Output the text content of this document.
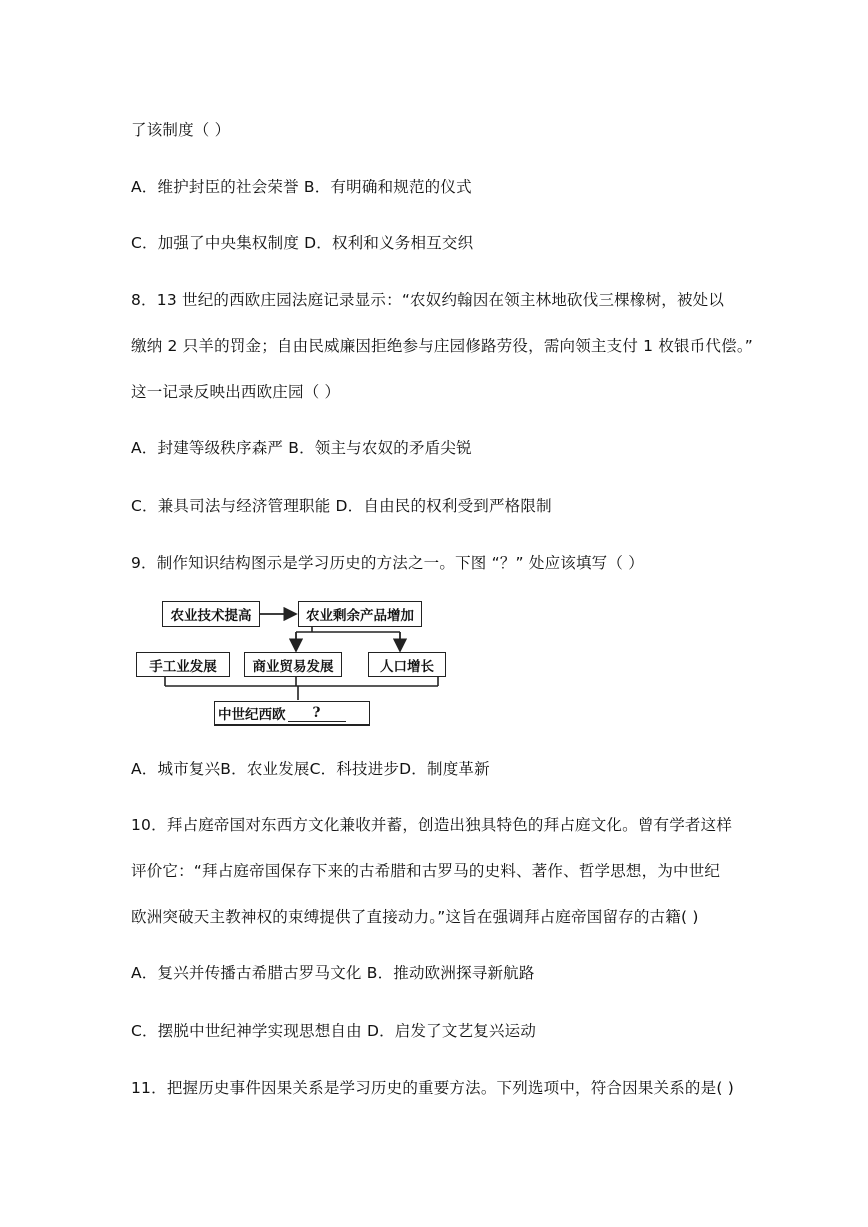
了该制度（ ）
A．维护封臣的社会荣誉 B．有明确和规范的仪式
C．加强了中央集权制度 D．权利和义务相互交织
8．13 世纪的西欧庄园法庭记录显示：“农奴约翰因在领主林地砍伐三棵橡树，被处以
缴纳 2 只羊的罚金；自由民威廉因拒绝参与庄园修路劳役，需向领主支付 1 枚银币代偿。”
这一记录反映出西欧庄园（ ）
A．封建等级秩序森严 B．领主与农奴的矛盾尖锐
C．兼具司法与经济管理职能 D．自由民的权利受到严格限制
9．制作知识结构图示是学习历史的方法之一。下图 “？” 处应该填写（ ）
农业技术提高	农业剩余产品增加
手工业发展	商业贸易发展	人口增长
中世纪西欧	?
A．城市复兴B．农业发展C．科技进步D．制度革新
10．拜占庭帝国对东西方文化兼收并蓄，创造出独具特色的拜占庭文化。曾有学者这样
评价它：“拜占庭帝国保存下来的古希腊和古罗马的史料、著作、哲学思想，为中世纪
欧洲突破天主教神权的束缚提供了直接动力。”这旨在强调拜占庭帝国留存的古籍( )
A．复兴并传播古希腊古罗马文化 B．推动欧洲探寻新航路
C．摆脱中世纪神学实现思想自由 D．启发了文艺复兴运动
11．把握历史事件因果关系是学习历史的重要方法。下列选项中，符合因果关系的是( )
